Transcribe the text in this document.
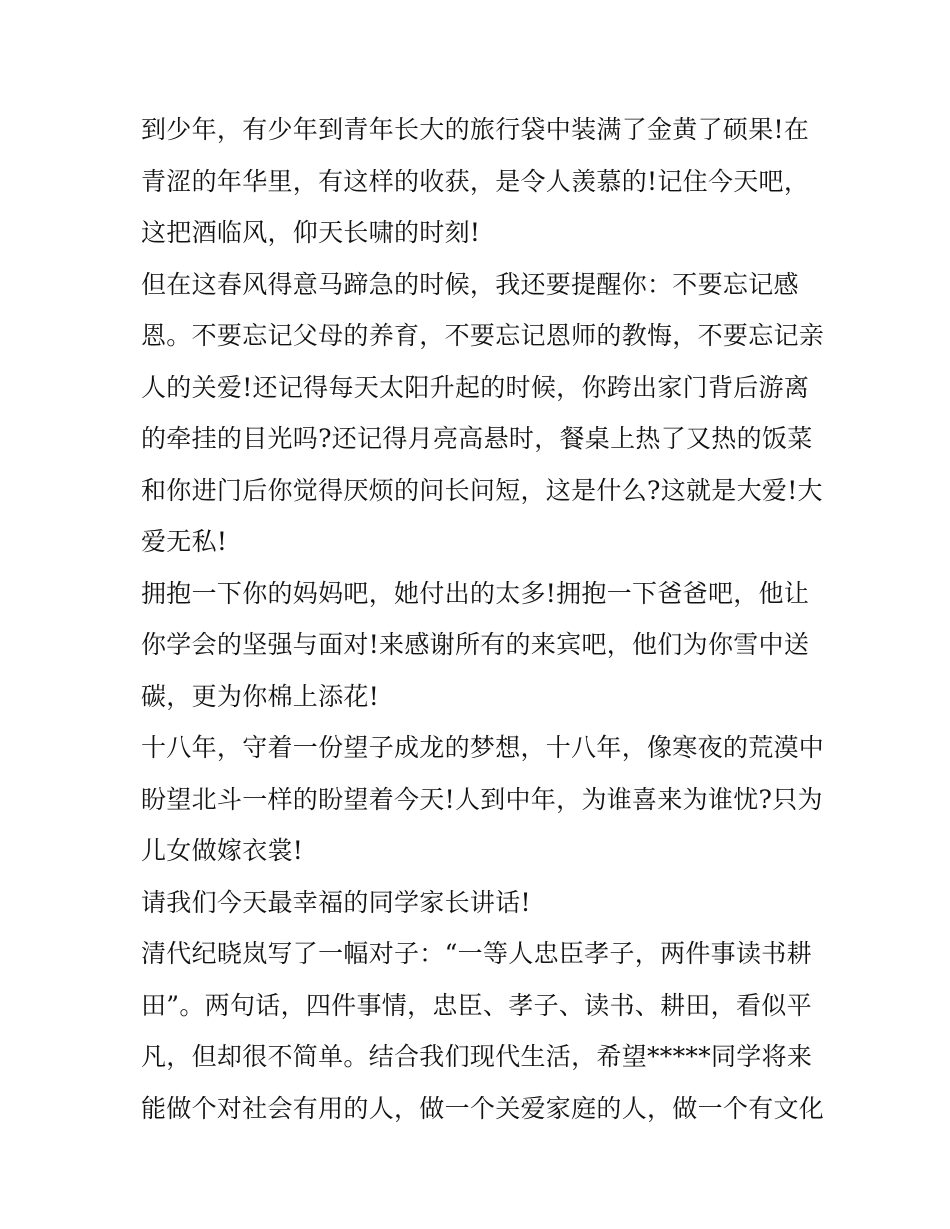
到少年，有少年到青年长大的旅行袋中装满了金黄了硕果!在
青涩的年华里，有这样的收获，是令人羡慕的!记住今天吧，
这把酒临风，仰天长啸的时刻!
但在这春风得意马蹄急的时候，我还要提醒你：不要忘记感
恩。不要忘记父母的养育，不要忘记恩师的教悔，不要忘记亲
人的关爱!还记得每天太阳升起的时候，你跨出家门背后游离
的牵挂的目光吗?还记得月亮高悬时，餐桌上热了又热的饭菜
和你进门后你觉得厌烦的问长问短，这是什么?这就是大爱!大
爱无私!
拥抱一下你的妈妈吧，她付出的太多!拥抱一下爸爸吧，他让
你学会的坚强与面对!来感谢所有的来宾吧，他们为你雪中送
碳，更为你棉上添花!
十八年，守着一份望子成龙的梦想，十八年，像寒夜的荒漠中
盼望北斗一样的盼望着今天!人到中年，为谁喜来为谁忧?只为
儿女做嫁衣裳!
请我们今天最幸福的同学家长讲话!
清代纪晓岚写了一幅对子：“一等人忠臣孝子，两件事读书耕
田”。两句话，四件事情，忠臣、孝子、读书、耕田，看似平
凡，但却很不简单。结合我们现代生活，希望*****同学将来
能做个对社会有用的人，做一个关爱家庭的人，做一个有文化
